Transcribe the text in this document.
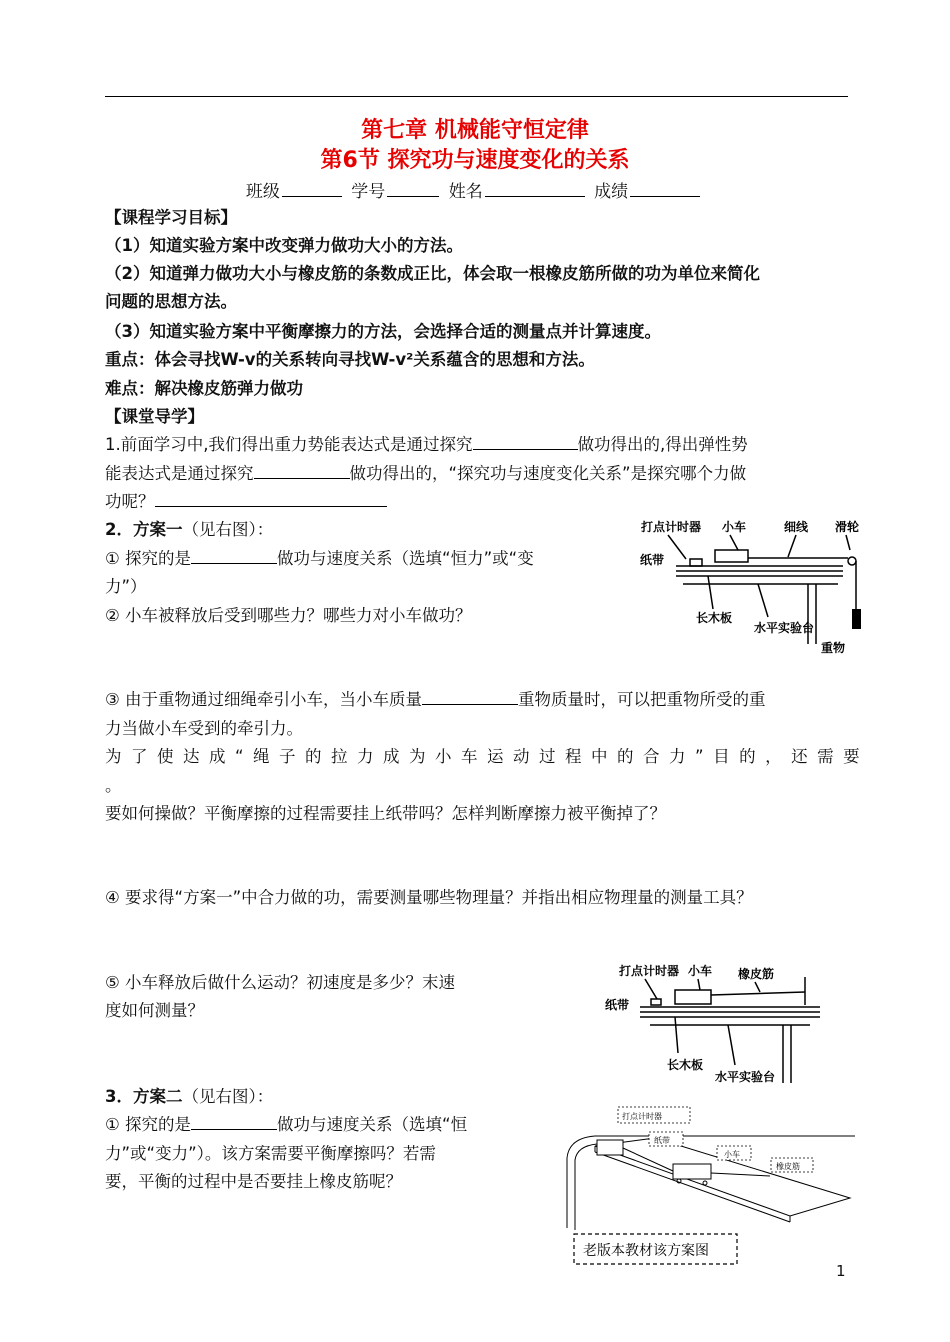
第七章 机械能守恒定律
第6节 探究功与速度变化的关系
班级	学号	姓名	成绩
【课程学习目标】
（1）知道实验方案中改变弹力做功大小的方法。
（2）知道弹力做功大小与橡皮筋的条数成正比，体会取一根橡皮筋所做的功为单位来简化
问题的思想方法。
（3）知道实验方案中平衡摩擦力的方法，会选择合适的测量点并计算速度。
重点：体会寻找W-v的关系转向寻找W-v²关系蕴含的思想和方法。
难点：解决橡皮筋弹力做功
【课堂导学】
1.前面学习中,我们得出重力势能表达式是通过探究	做功得出的,得出弹性势
能表达式是通过探究	做功得出的，“探究功与速度变化关系”是探究哪个力做
功呢？
2．方案一（见右图）：
① 探究的是	做功与速度关系（选填“恒力”或“变
力”）
② 小车被释放后受到哪些力？哪些力对小车做功？
③ 由于重物通过细绳牵引小车，当小车质量	重物质量时，可以把重物所受的重
力当做小车受到的牵引力。
为了使达成“绳子的拉力成为小车运动过程中的合力”目的，还需要
。
要如何操做？平衡摩擦的过程需要挂上纸带吗？怎样判断摩擦力被平衡掉了？
④ 要求得“方案一”中合力做的功，需要测量哪些物理量？并指出相应物理量的测量工具？
⑤ 小车释放后做什么运动？初速度是多少？末速
度如何测量？
3．方案二（见右图）：
① 探究的是	做功与速度关系（选填“恒
力”或“变力”）。该方案需要平衡摩擦吗？若需
要，平衡的过程中是否要挂上橡皮筋呢？
打点计时器 小车	细线 滑轮
纸带
长木板
水平实验台
重物
打点计时器 小车 橡皮筋
纸带
长木板
水平实验台
打点计时器
纸带
小车
橡皮筋
老版本教材该方案图
1
